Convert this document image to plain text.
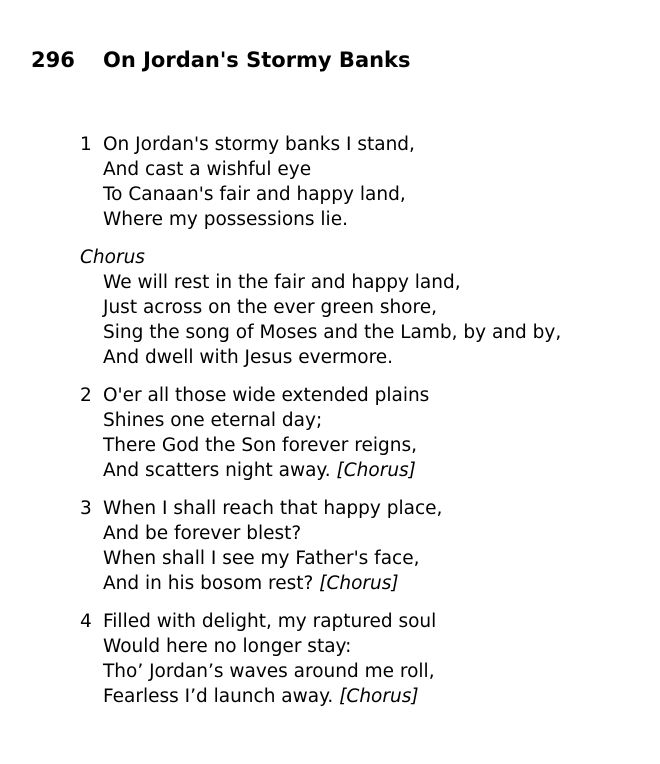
296 On Jordan's Stormy Banks
1 On Jordan's stormy banks I stand,
And cast a wishful eye
To Canaan's fair and happy land,
Where my possessions lie.
Chorus
We will rest in the fair and happy land,
Just across on the ever green shore,
Sing the song of Moses and the Lamb, by and by,
And dwell with Jesus evermore.
2 O'er all those wide extended plains
Shines one eternal day;
There God the Son forever reigns,
And scatters night away. [Chorus]
3 When I shall reach that happy place,
And be forever blest?
When shall I see my Father's face,
And in his bosom rest? [Chorus]
4 Filled with delight, my raptured soul
Would here no longer stay:
Tho’ Jordan’s waves around me roll,
Fearless I’d launch away. [Chorus]
